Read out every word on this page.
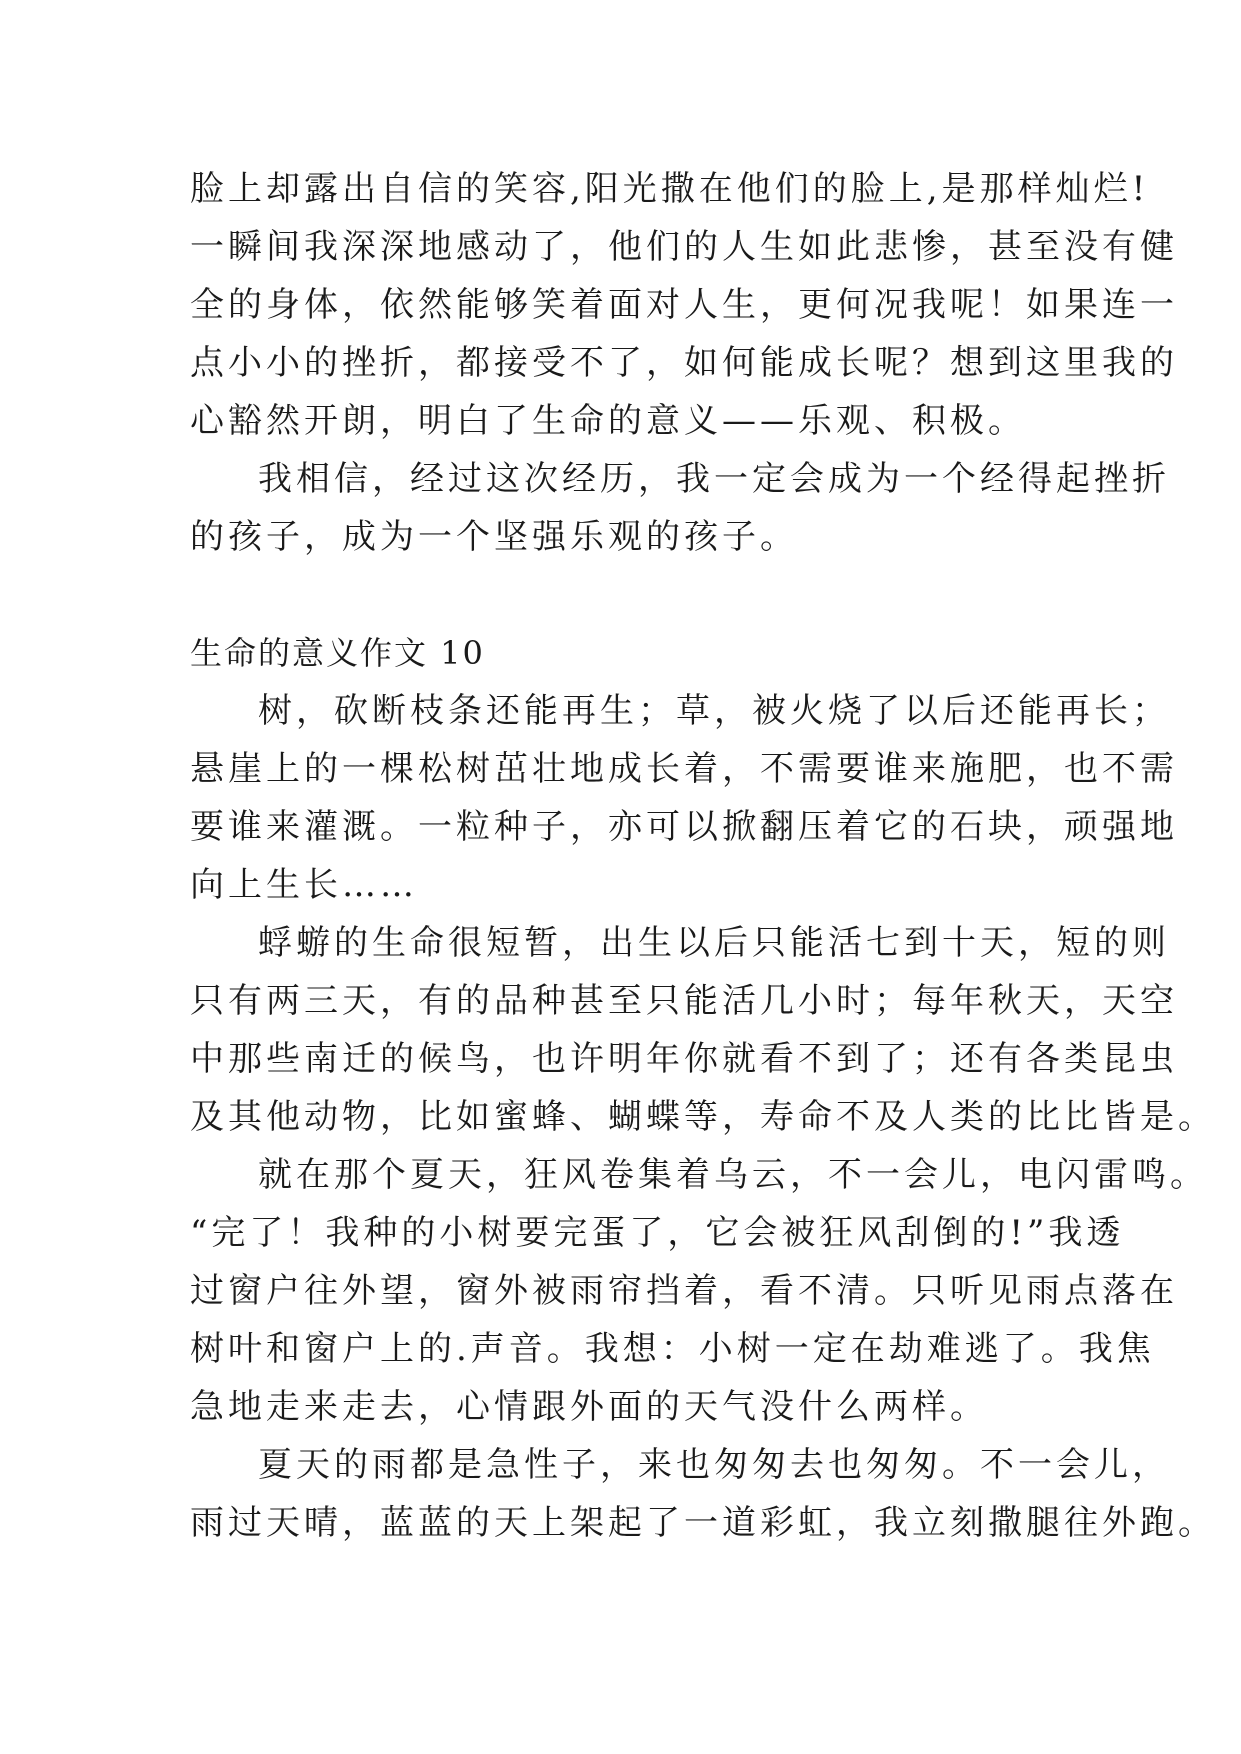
脸上却露出自信的笑容,阳光撒在他们的脸上,是那样灿烂!
一瞬间我深深地感动了，他们的人生如此悲惨，甚至没有健
全的身体，依然能够笑着面对人生，更何况我呢！如果连一
点小小的挫折，都接受不了，如何能成长呢？想到这里我的
心豁然开朗，明白了生命的意义——乐观、积极。
我相信，经过这次经历，我一定会成为一个经得起挫折
的孩子，成为一个坚强乐观的孩子。
生命的意义作文 10
树，砍断枝条还能再生；草，被火烧了以后还能再长；
悬崖上的一棵松树茁壮地成长着，不需要谁来施肥，也不需
要谁来灌溉。一粒种子，亦可以掀翻压着它的石块，顽强地
向上生长……
蜉蝣的生命很短暂，出生以后只能活七到十天，短的则
只有两三天，有的品种甚至只能活几小时；每年秋天，天空
中那些南迁的候鸟，也许明年你就看不到了；还有各类昆虫
及其他动物，比如蜜蜂、蝴蝶等，寿命不及人类的比比皆是。
就在那个夏天，狂风卷集着乌云，不一会儿，电闪雷鸣。
“完了！我种的小树要完蛋了，它会被狂风刮倒的!”我透
过窗户往外望，窗外被雨帘挡着，看不清。只听见雨点落在
树叶和窗户上的.声音。我想：小树一定在劫难逃了。我焦
急地走来走去，心情跟外面的天气没什么两样。
夏天的雨都是急性子，来也匆匆去也匆匆。不一会儿，
雨过天晴，蓝蓝的天上架起了一道彩虹，我立刻撒腿往外跑。
